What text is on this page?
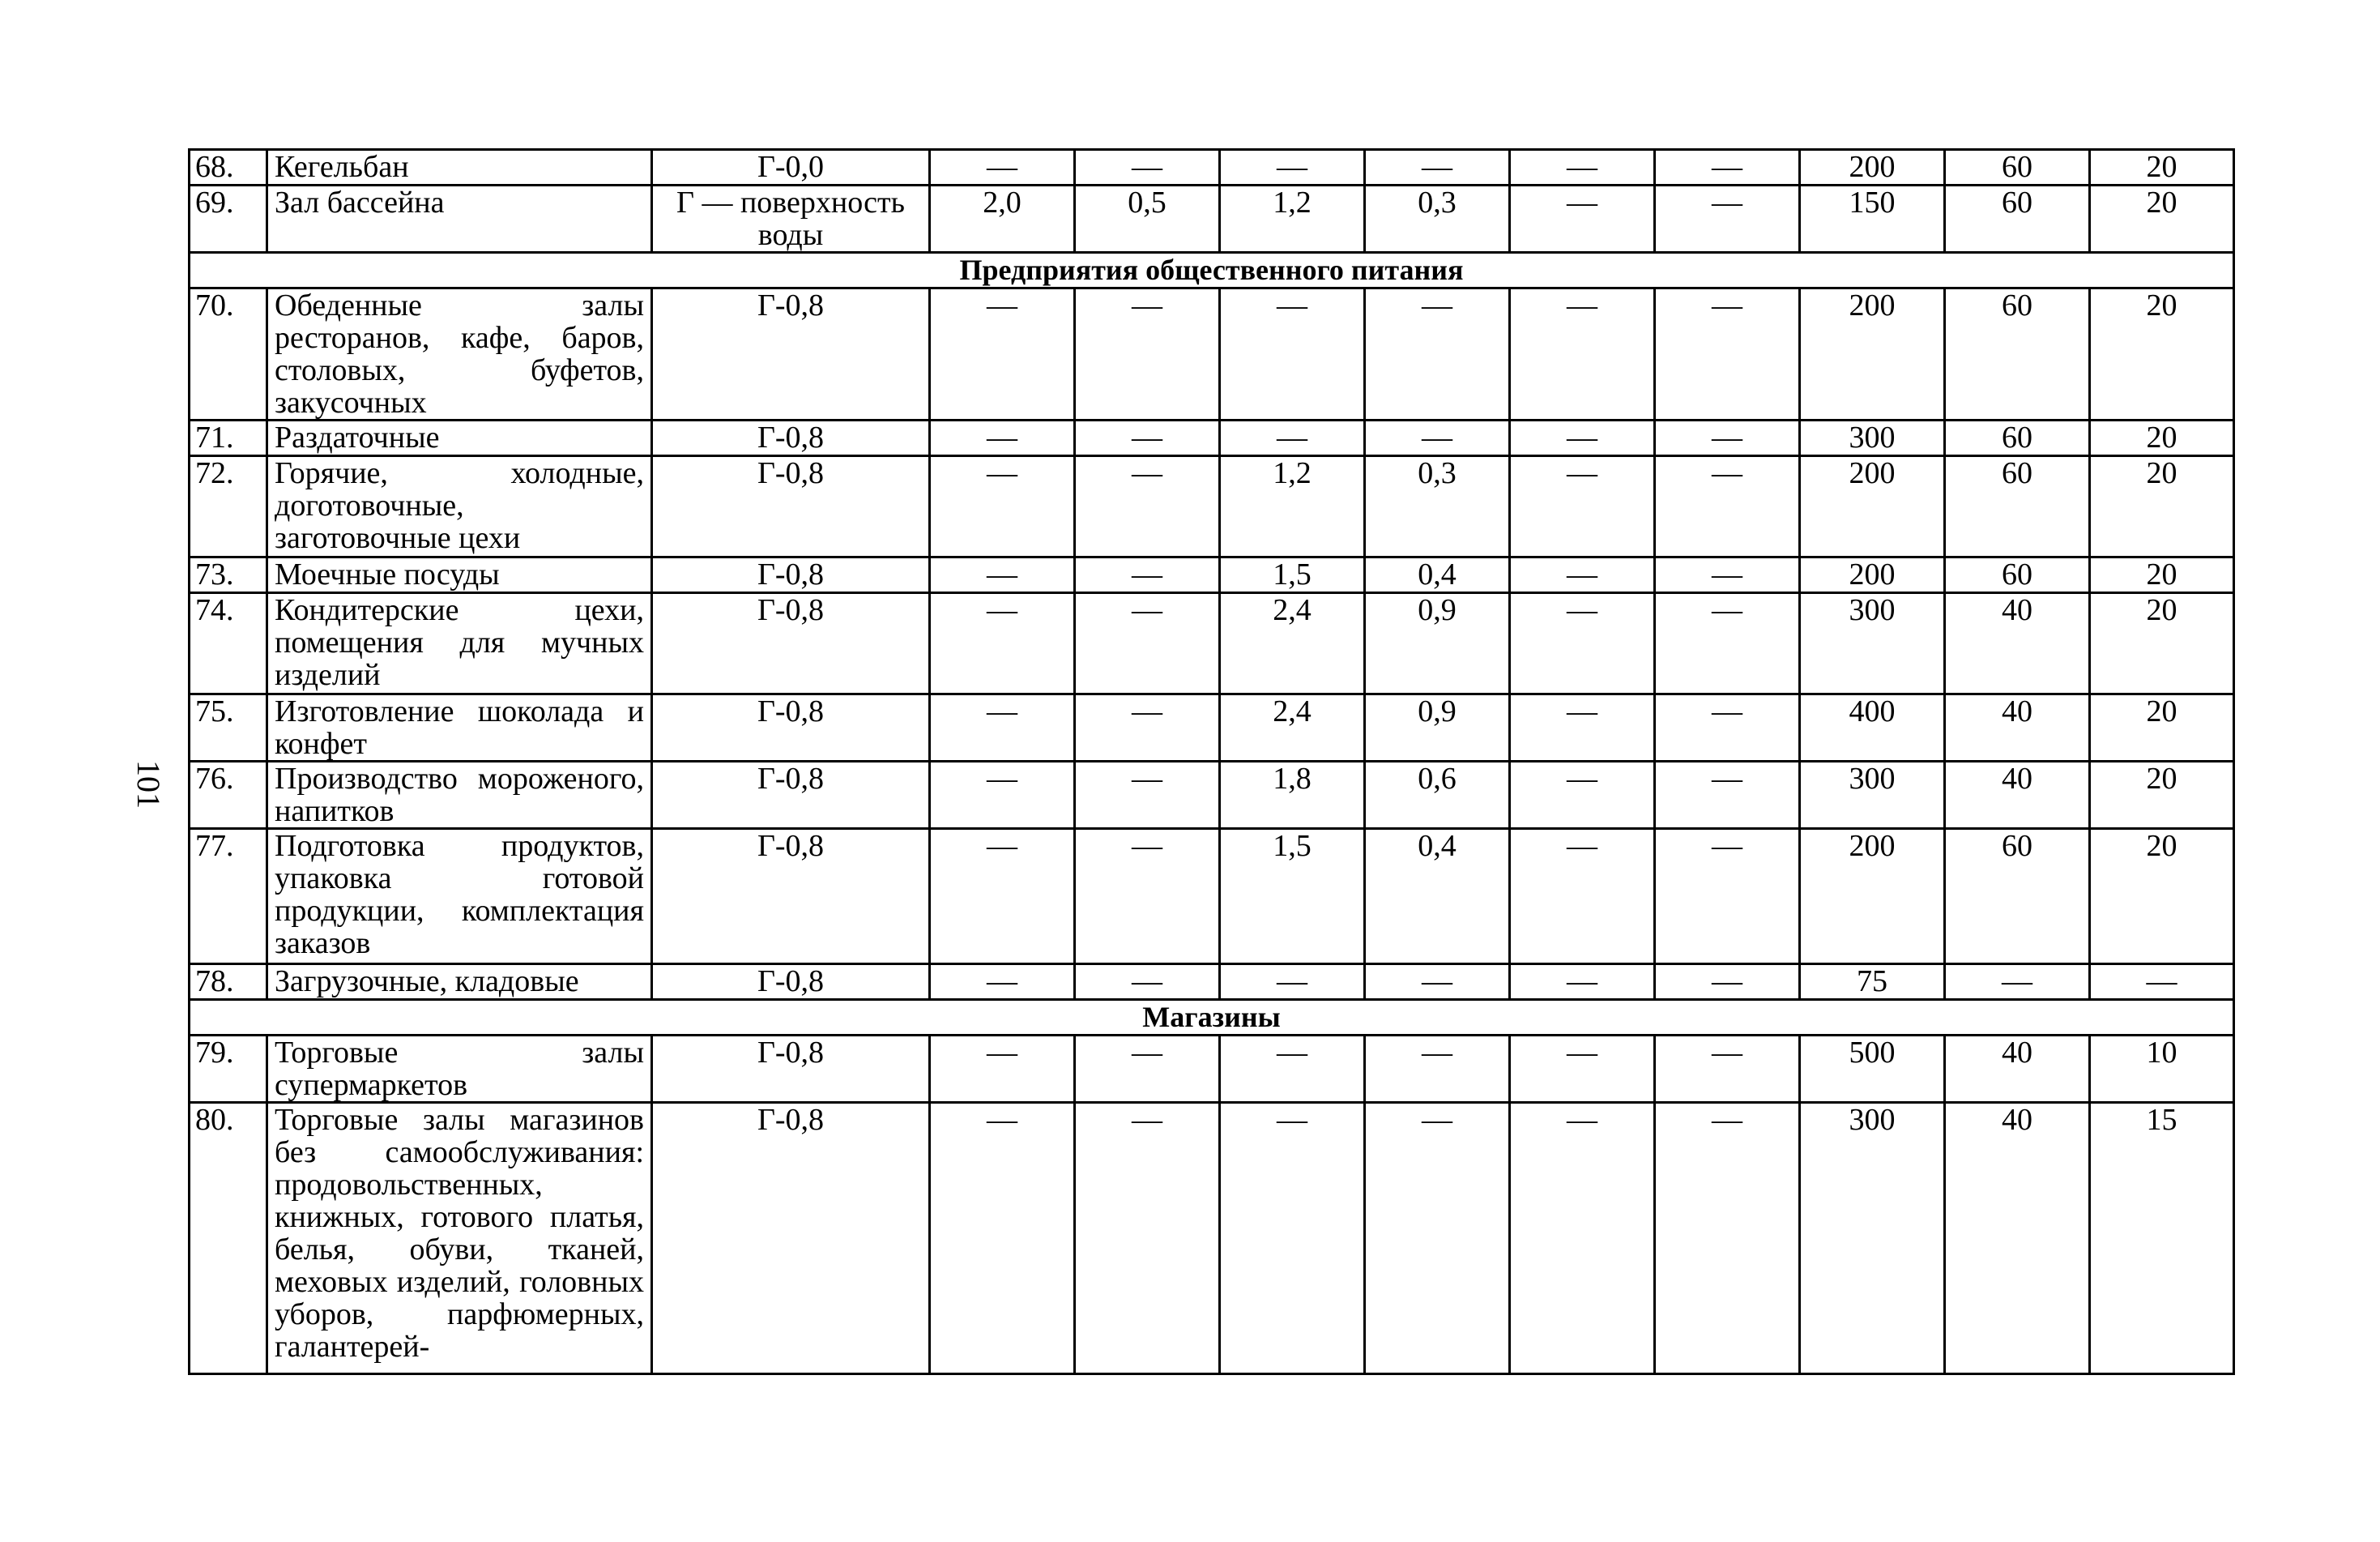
101
68.	Кегельбан	Г-0,0	—	—	—	—	—	—	200	60	20
69.	Зал бассейна	Г — поверхность воды	2,0	0,5	1,2	0,3	—	—	150	60	20
Предприятия общественного питания											
70.	Обеденные залы ресторанов, кафе, баров, столовых, буфетов, закусочных	Г-0,8	—	—	—	—	—	—	200	60	20
71.	Раздаточные	Г-0,8	—	—	—	—	—	—	300	60	20
72.	Горячие, холодные, доготовочные, заготовочные цехи	Г-0,8	—	—	1,2	0,3	—	—	200	60	20
73.	Моечные посуды	Г-0,8	—	—	1,5	0,4	—	—	200	60	20
74.	Кондитерские цехи, помещения для мучных изделий	Г-0,8	—	—	2,4	0,9	—	—	300	40	20
75.	Изготовление шоколада и конфет	Г-0,8	—	—	2,4	0,9	—	—	400	40	20
76.	Производство мороженого, напитков	Г-0,8	—	—	1,8	0,6	—	—	300	40	20
77.	Подготовка продуктов, упаковка готовой продукции, комплектация заказов	Г-0,8	—	—	1,5	0,4	—	—	200	60	20
78.	Загрузочные, кладовые	Г-0,8	—	—	—	—	—	—	75	—	—
Магазины											
79.	Торговые залы супермаркетов	Г-0,8	—	—	—	—	—	—	500	40	10
80.	Торговые залы магазинов без самообслуживания: продовольственных, книжных, готового платья, белья, обуви, тканей, меховых изделий, головных уборов, парфюмерных, галантерей-	Г-0,8	—	—	—	—	—	—	300	40	15
